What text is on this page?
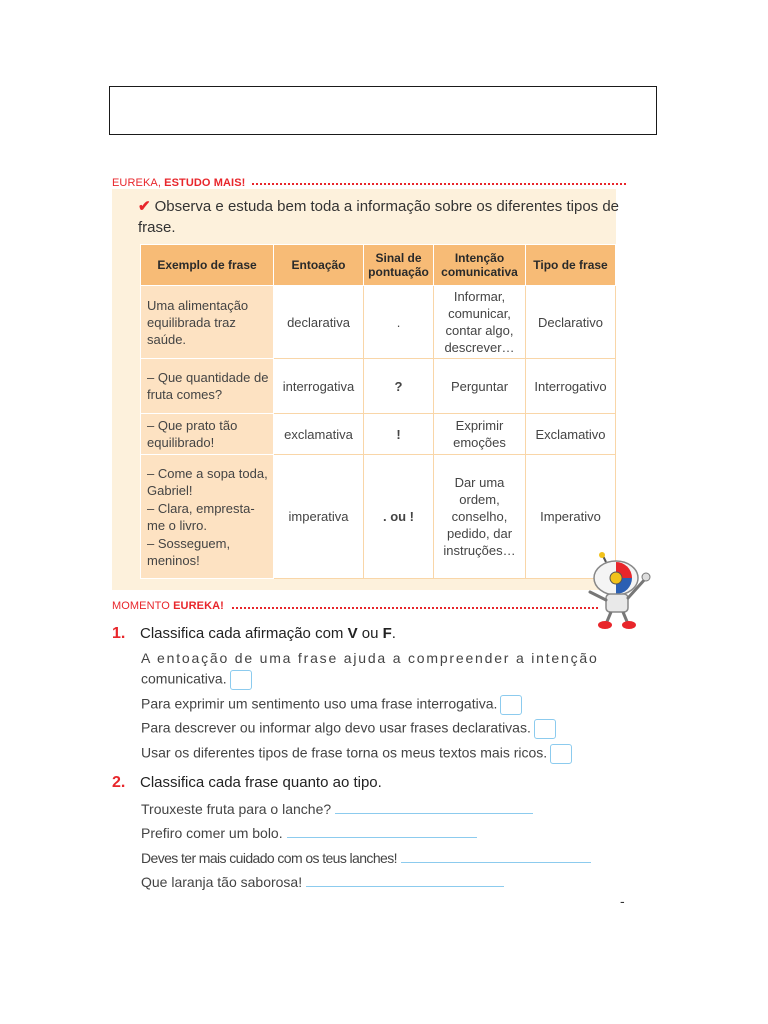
EUREKA, ESTUDO MAIS!
✔ Observa e estuda bem toda a informação sobre os diferentes tipos de frase.
Exemplo de frase	Entoação	Sinal de pontuação	Intenção comunicativa	Tipo de frase

Uma alimentação equilibrada traz saúde.	declarativa	.	Informar, comunicar, contar algo, descrever…	Declarativo

– Que quantidade de fruta comes?	interrogativa	?	Perguntar	Interrogativo

– Que prato tão equilibrado!	exclamativa	!	Exprimir emoções	Exclamativo

– Come a sopa toda, Gabriel!
– Clara, empresta-me o livro.
– Sosseguem, meninos!	imperativa	. ou !	Dar uma ordem, conselho, pedido, dar instruções…	Imperativo
MOMENTO EUREKA!
1. Classifica cada afirmação com V ou F.
A entoação de uma frase ajuda a compreender a intenção
comunicativa.
Para exprimir um sentimento uso uma frase interrogativa.
Para descrever ou informar algo devo usar frases declarativas.
Usar os diferentes tipos de frase torna os meus textos mais ricos.
2. Classifica cada frase quanto ao tipo.
Trouxeste fruta para o lanche?
Prefiro comer um bolo.
Deves ter mais cuidado com os teus lanches!
Que laranja tão saborosa!
-
